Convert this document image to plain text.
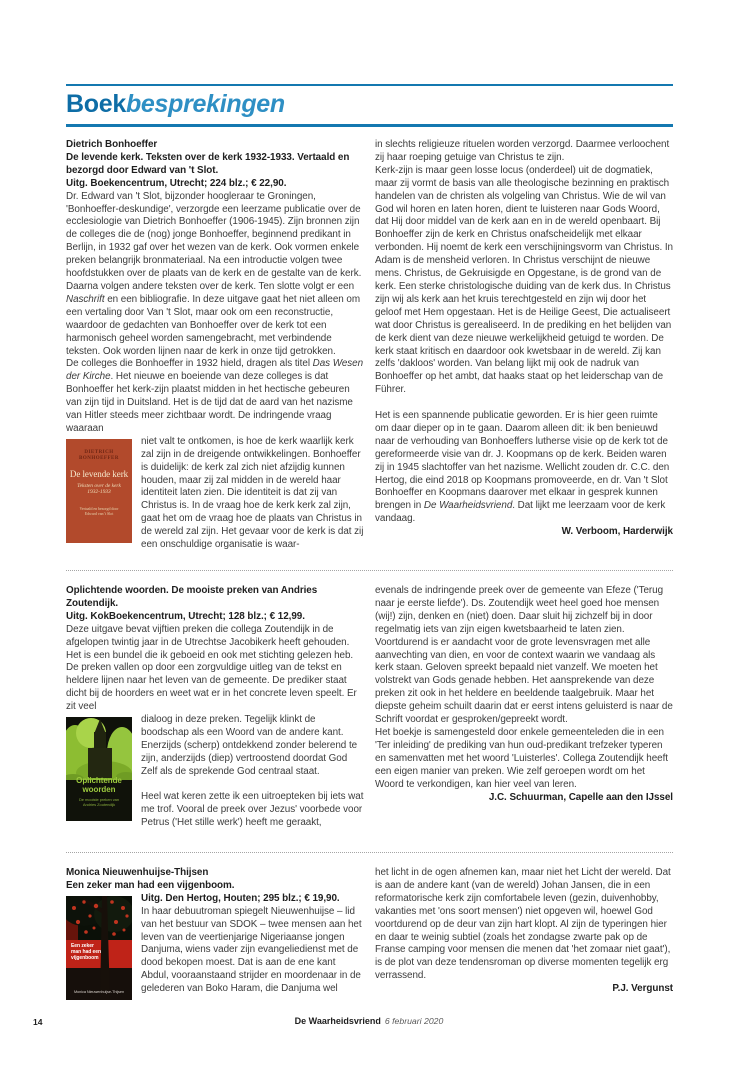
Boekbesprekingen

Dietrich Bonhoeffer

De levende kerk. Teksten over de kerk 1932-1933. Vertaald en bezorgd door Edward van 't Slot.

Uitg. Boekencentrum, Utrecht; 224 blz.; € 22,90.

Dr. Edward van 't Slot, bijzonder hoogleraar te Groningen, 'Bonhoeffer-deskundige', verzorgde een leerzame publicatie over de ecclesiologie van Dietrich Bonhoeffer (1906-1945). Zijn bronnen zijn de colleges die de (nog) jonge Bonhoeffer, beginnend predikant in Berlijn, in 1932 gaf over het wezen van de kerk. Ook vormen enkele preken belangrijk bronmateriaal. Na een introductie volgen twee hoofdstukken over de plaats van de kerk en de gestalte van de kerk. Daarna volgen andere teksten over de kerk. Ten slotte volgt er een Naschrift en een bibliografie. In deze uitgave gaat het niet alleen om een vertaling door Van 't Slot, maar ook om een reconstructie, waardoor de gedachten van Bonhoeffer over de kerk tot een harmonisch geheel worden samengebracht, met verbindende teksten. Ook worden lijnen naar de kerk in onze tijd getrokken.

De colleges die Bonhoeffer in 1932 hield, dragen als titel Das Wesen der Kirche. Het nieuwe en boeiende van deze colleges is dat Bonhoeffer het kerk-zijn plaatst midden in het hectische gebeuren van zijn tijd in Duitsland. Het is de tijd dat de aard van het nazisme van Hitler steeds meer zichtbaar wordt. De indringende vraag waaraan

DIETRICH BONHOEFFER
De levende kerk
Teksten over de kerk 1932-1933
Vertaald en bezorgd door Edward van 't Slot

niet valt te ontkomen, is hoe de kerk waarlijk kerk zal zijn in de dreigende ontwikkelingen. Bonhoeffer is duidelijk: de kerk zal zich niet afzijdig kunnen houden, maar zij zal midden in de wereld haar identiteit laten zien. Die identiteit is dat zij van Christus is. In de vraag hoe de kerk kerk zal zijn, gaat het om de vraag hoe de plaats van Christus in de wereld zal zijn. Het gevaar voor de kerk is dat zij een onschuldige organisatie is waar-

in slechts religieuze rituelen worden verzorgd. Daarmee verloochent zij haar roeping getuige van Christus te zijn.

Kerk-zijn is maar geen losse locus (onderdeel) uit de dogmatiek, maar zij vormt de basis van alle theologische bezinning en praktisch handelen van de christen als volgeling van Christus. Wie de wil van God wil horen en laten horen, dient te luisteren naar Gods Woord, dat Hij door middel van de kerk aan en in de wereld openbaart. Bij Bonhoeffer zijn de kerk en Christus onafscheidelijk met elkaar verbonden. Hij noemt de kerk een verschijningsvorm van Christus. In Adam is de mensheid verloren. In Christus verschijnt de nieuwe mens. Christus, de Gekruisigde en Opgestane, is de grond van de kerk. Een sterke christologische duiding van de kerk dus. In Christus zijn wij als kerk aan het kruis terechtgesteld en zijn wij door het geloof met Hem opgestaan. Het is de Heilige Geest, Die actualiseert wat door Christus is gerealiseerd. In de prediking en het belijden van de kerk dient van deze nieuwe werkelijkheid getuigd te worden. De kerk staat kritisch en daardoor ook kwetsbaar in de wereld. Zij kan zelfs 'dakloos' worden. Van belang lijkt mij ook de nadruk van Bonhoeffer op het ambt, dat haaks staat op het leiderschap van de Führer.

Het is een spannende publicatie geworden. Er is hier geen ruimte om daar dieper op in te gaan. Daarom alleen dit: ik ben benieuwd naar de verhouding van Bonhoeffers lutherse visie op de kerk tot de gereformeerde visie van dr. J. Koopmans op de kerk. Beiden waren zij in 1945 slachtoffer van het nazisme. Wellicht zouden dr. C.C. den Hertog, die eind 2018 op Koopmans promoveerde, en dr. Van 't Slot Bonhoeffer en Koopmans daarover met elkaar in gesprek kunnen brengen in De Waarheidsvriend. Dat lijkt me leerzaam voor de kerk vandaag.

W. Verboom, Harderwijk

Oplichtende woorden. De mooiste preken van Andries Zoutendijk.

Uitg. KokBoekencentrum, Utrecht; 128 blz.; € 12,99.

Deze uitgave bevat vijftien preken die collega Zoutendijk in de afgelopen twintig jaar in de Utrechtse Jacobikerk heeft gehouden. Het is een bundel die ik geboeid en ook met stichting gelezen heb. De preken vallen op door een zorgvuldige uitleg van de tekst en heldere lijnen naar het leven van de gemeente. De prediker staat dicht bij de hoorders en weet wat er in het concrete leven speelt. Er zit veel

Oplichtende woorden
De mooiste preken van Andries Zoutendijk

dialoog in deze preken. Tegelijk klinkt de boodschap als een Woord van de andere kant. Enerzijds (scherp) ontdekkend zonder belerend te zijn, anderzijds (diep) vertroostend doordat God Zelf als de sprekende God centraal staat.

Heel wat keren zette ik een uitroepteken bij iets wat me trof. Vooral de preek over Jezus' voorbede voor Petrus ('Het stille werk') heeft me geraakt,

evenals de indringende preek over de gemeente van Efeze ('Terug naar je eerste liefde'). Ds. Zoutendijk weet heel goed hoe mensen (wij!) zijn, denken en (niet) doen. Daar sluit hij zichzelf bij in door regelmatig iets van zijn eigen kwetsbaarheid te laten zien. Voortdurend is er aandacht voor de grote levensvragen met alle aanvechting van dien, en voor de context waarin we vandaag als kerk staan. Geloven spreekt bepaald niet vanzelf. We moeten het volstrekt van Gods genade hebben. Het aansprekende van deze preken zit ook in het heldere en beeldende taalgebruik. Maar het diepste geheim schuilt daarin dat er eerst intens geluisterd is naar de Schrift voordat er gesproken/gepreekt wordt.

Het boekje is samengesteld door enkele gemeenteleden die in een 'Ter inleiding' de prediking van hun oud-predikant trefzeker typeren en samenvatten met het woord 'Luisterles'. Collega Zoutendijk heeft een eigen manier van preken. Wie zelf geroepen wordt om het Woord te verkondigen, kan hier veel van leren.

J.C. Schuurman, Capelle aan den IJssel

Monica Nieuwenhuijse-Thijsen

Een zeker man had een vijgenboom.

Een zeker man had een vijgenboom
Monica Nieuwenhuijse-Thijsen

Uitg. Den Hertog, Houten; 295 blz.; € 19,90.

In haar debuutroman spiegelt Nieuwenhuijse – lid van het bestuur van SDOK – twee mensen aan het leven van de veertienjarige Nigeriaanse jongen Danjuma, wiens vader zijn evangeliedienst met de dood bekopen moest. Dat is aan de ene kant Abdul, vooraanstaand strijder en moordenaar in de gelederen van Boko Haram, die Danjuma wel

het licht in de ogen afnemen kan, maar niet het Licht der wereld. Dat is aan de andere kant (van de wereld) Johan Jansen, die in een reformatorische kerk zijn comfortabele leven (gezin, duivenhobby, vakanties met 'ons soort mensen') niet opgeven wil, hoewel God voortdurend op de deur van zijn hart klopt. Al zijn de typeringen hier en daar te weinig subtiel (zoals het zondagse zwarte pak op de Franse camping voor mensen die menen dat 'het zomaar niet gaat'), is de plot van deze tendensroman op diverse momenten tegelijk erg verrassend.

P.J. Vergunst

14	De Waarheidsvriend 6 februari 2020
